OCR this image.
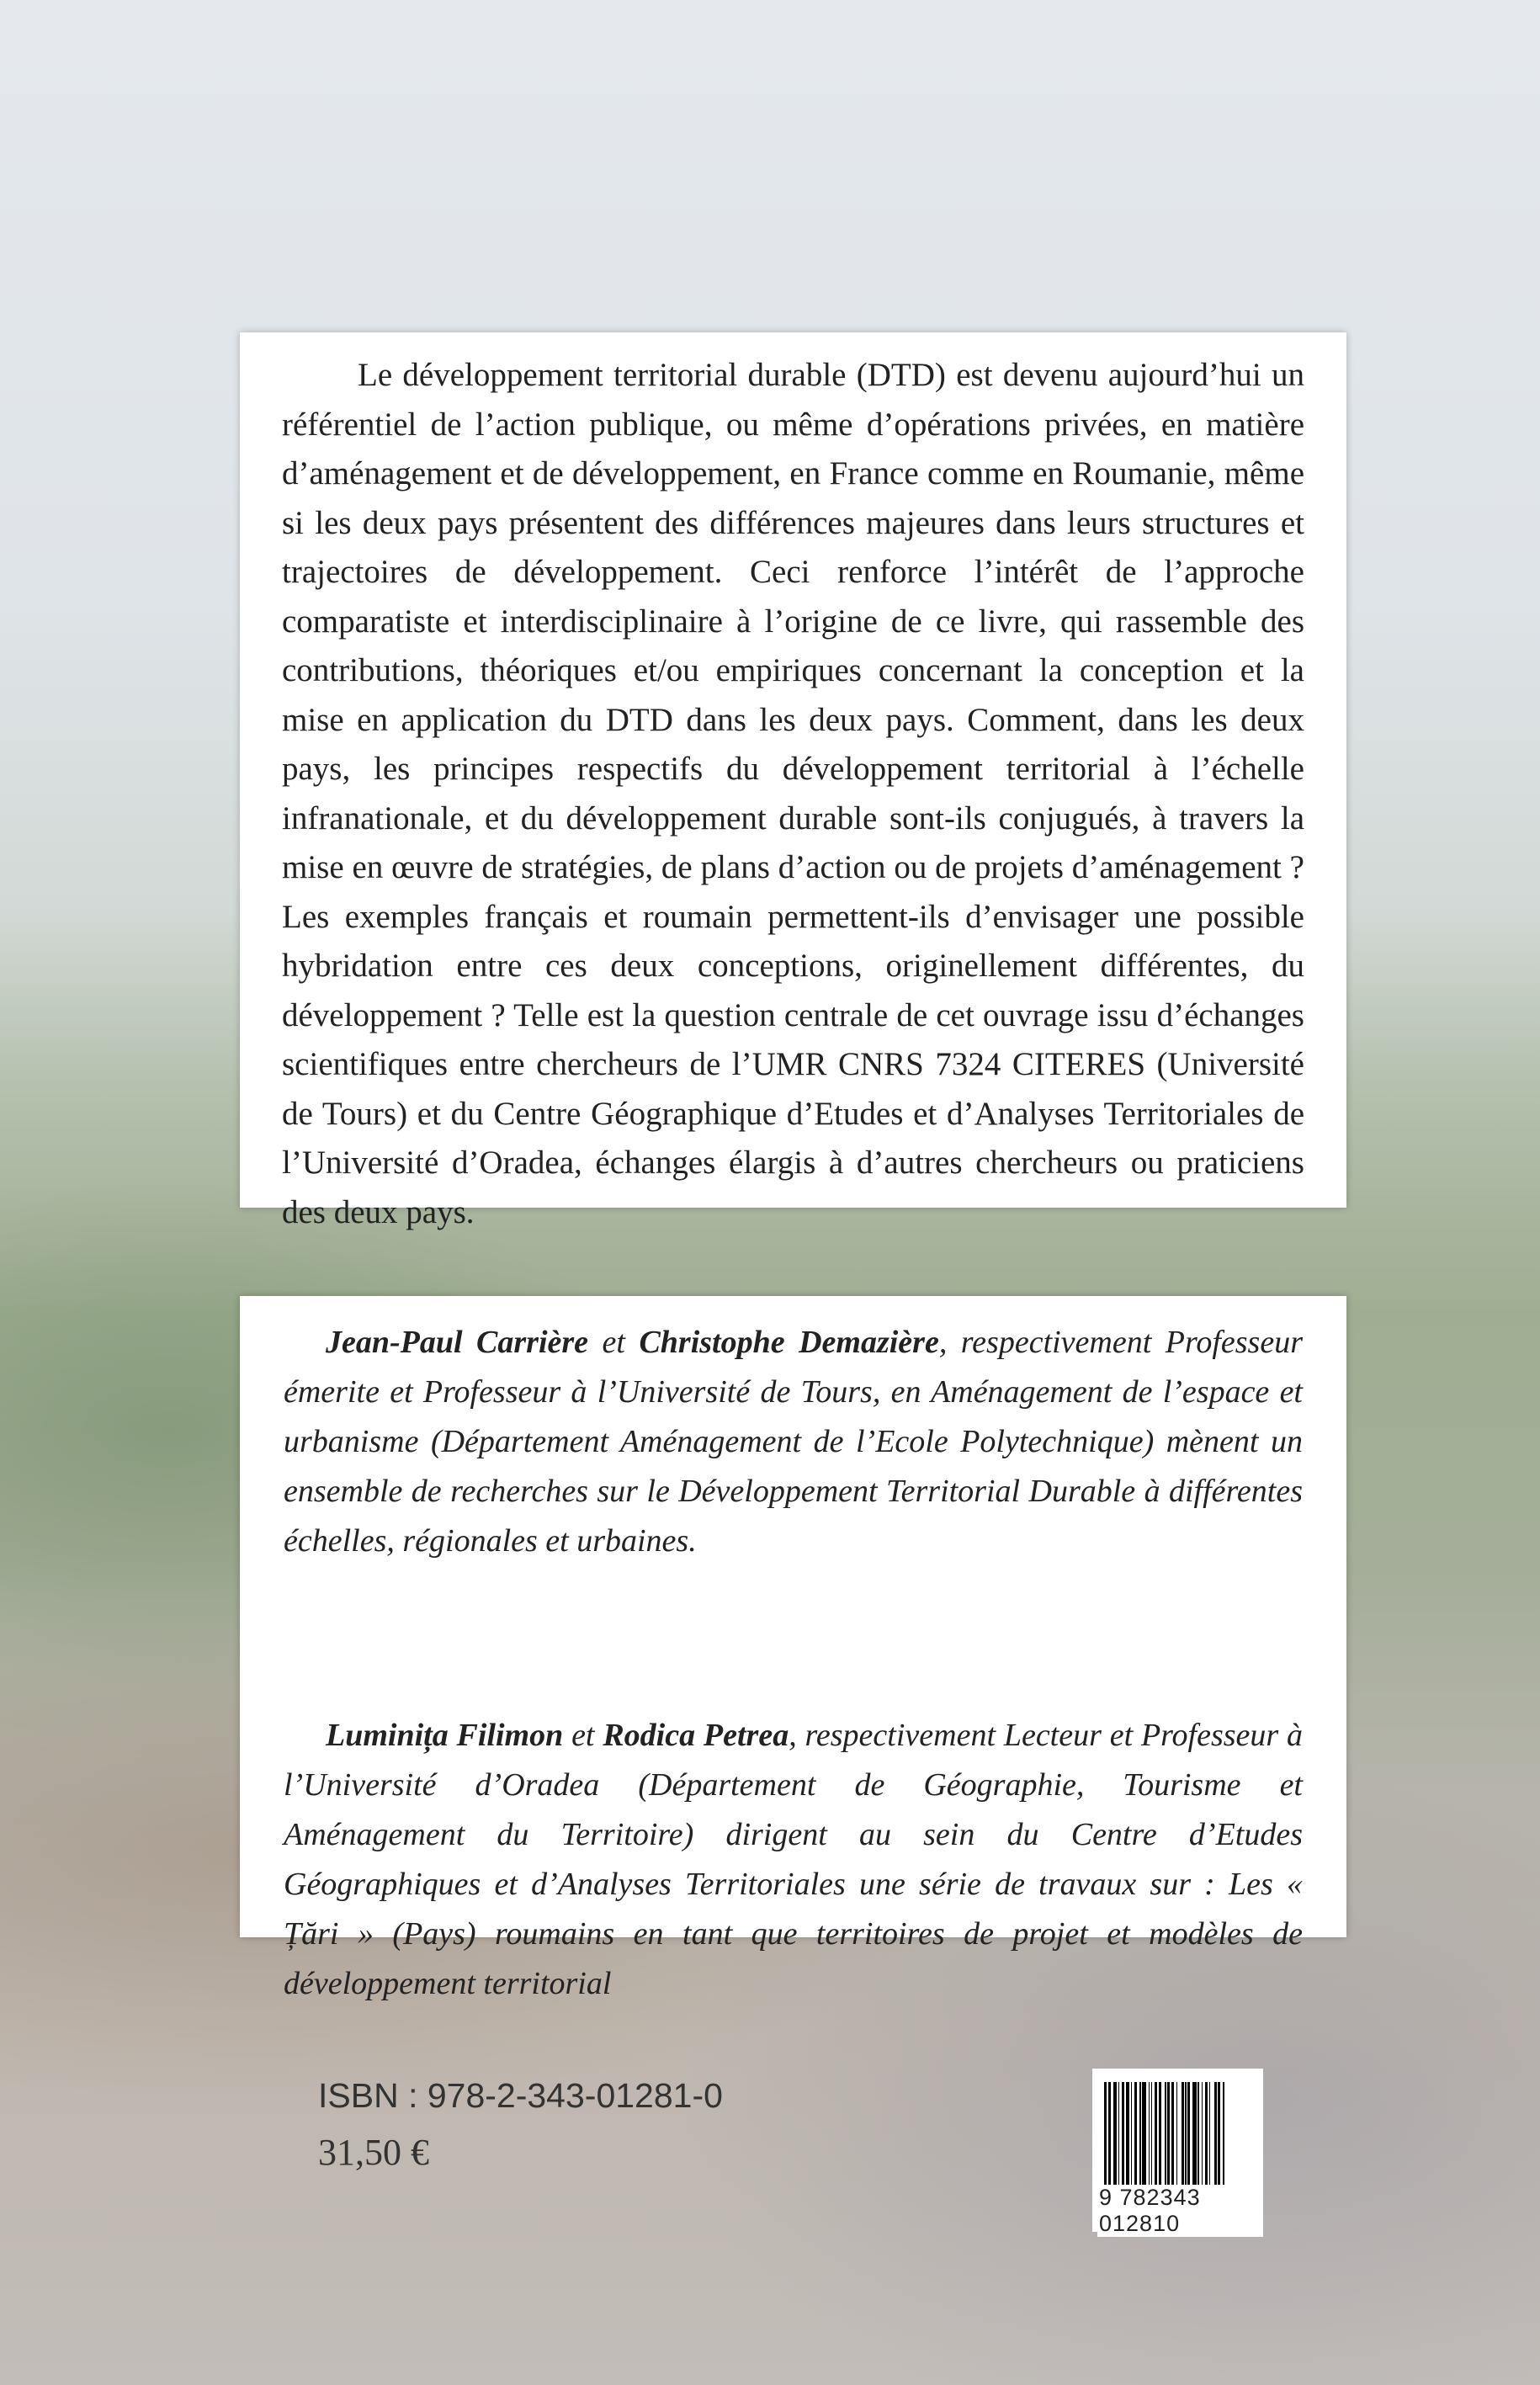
Le développement territorial durable (DTD) est devenu aujourd’hui un référentiel de l’action publique, ou même d’opérations privées, en matière d’aménagement et de développement, en France comme en Roumanie, même si les deux pays présentent des différences majeures dans leurs structures et trajectoires de développement. Ceci renforce l’intérêt de l’approche comparatiste et interdisciplinaire à l’origine de ce livre, qui rassemble des contributions, théoriques et/ou empiriques concernant la conception et la mise en application du DTD dans les deux pays. Comment, dans les deux pays, les principes respectifs du développement territorial à l’échelle infranationale, et du développement durable sont-ils conjugués, à travers la mise en œuvre de stratégies, de plans d’action ou de projets d’aménagement ? Les exemples français et roumain permettent-ils d’envisager une possible hybridation entre ces deux conceptions, originellement différentes, du développement ? Telle est la question centrale de cet ouvrage issu d’échanges scientifiques entre chercheurs de l’UMR CNRS 7324 CITERES (Université de Tours) et du Centre Géographique d’Etudes et d’Analyses Territoriales de l’Université d’Oradea, échanges élargis à d’autres chercheurs ou praticiens des deux pays.

Jean-Paul Carrière et Christophe Demazière, respectivement Professeur émerite et Professeur à l’Université de Tours, en Aménagement de l’espace et urbanisme (Département Aménagement de l’Ecole Polytechnique) mènent un ensemble de recherches sur le Développement Territorial Durable à différentes échelles, régionales et urbaines.

Luminița Filimon et Rodica Petrea, respectivement Lecteur et Professeur à l’Université d’Oradea (Département de Géographie, Tourisme et Aménagement du Territoire) dirigent au sein du Centre d’Etudes Géographiques et d’Analyses Territoriales une série de travaux sur : Les « Țări » (Pays) roumains en tant que territoires de projet et modèles de développement territorial

ISBN : 978-2-343-01281-0
31,50 €
9 782343 012810
